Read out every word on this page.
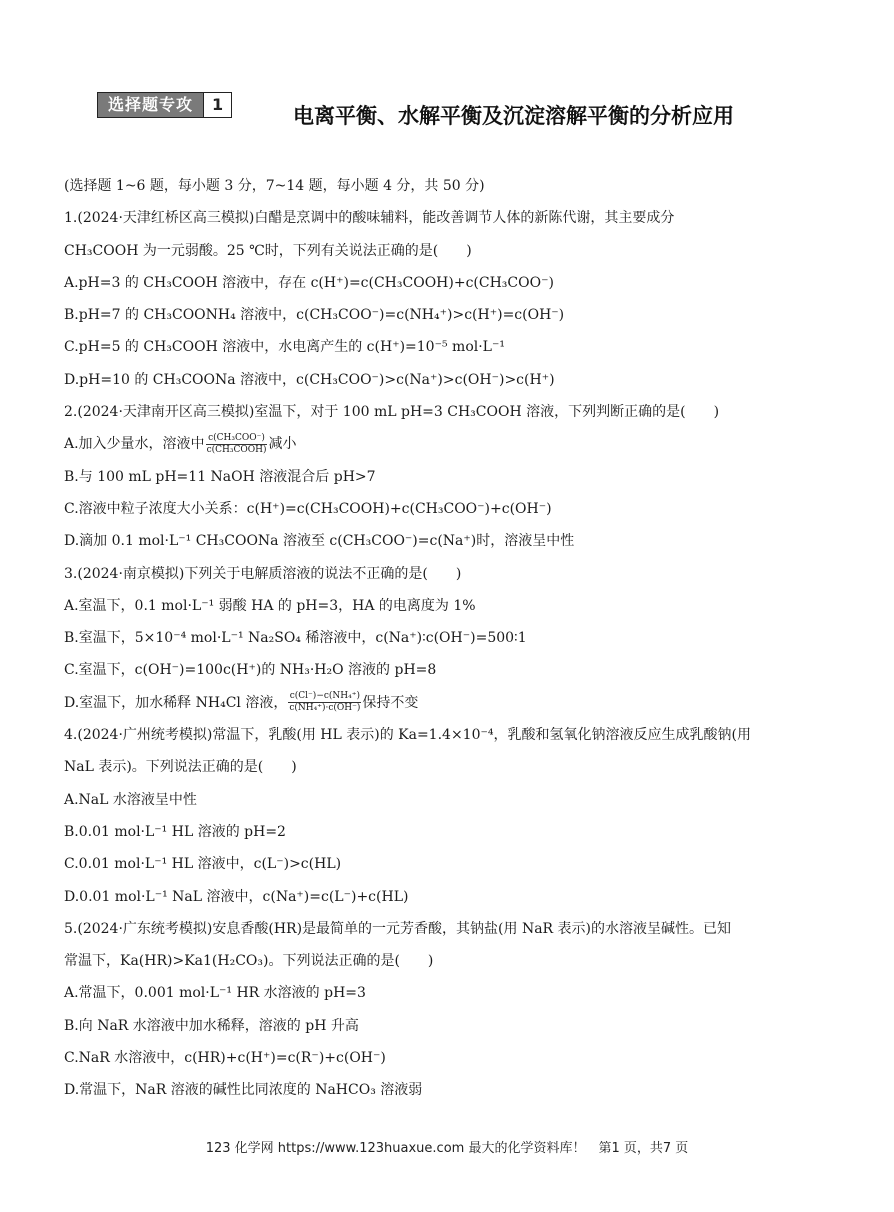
选择题专攻	1	电离平衡、水解平衡及沉淀溶解平衡的分析应用
(选择题 1~6 题，每小题 3 分，7~14 题，每小题 4 分，共 50 分)
1.(2024·天津红桥区高三模拟)白醋是烹调中的酸味辅料，能改善调节人体的新陈代谢，其主要成分
CH₃COOH 为一元弱酸。25 ℃时，下列有关说法正确的是(　　)
A.pH=3 的 CH₃COOH 溶液中，存在 c(H⁺)=c(CH₃COOH)+c(CH₃COO⁻)
B.pH=7 的 CH₃COONH₄ 溶液中，c(CH₃COO⁻)=c(NH₄⁺)>c(H⁺)=c(OH⁻)
C.pH=5 的 CH₃COOH 溶液中，水电离产生的 c(H⁺)=10⁻⁵ mol·L⁻¹
D.pH=10 的 CH₃COONa 溶液中，c(CH₃COO⁻)>c(Na⁺)>c(OH⁻)>c(H⁺)
2.(2024·天津南开区高三模拟)室温下，对于 100 mL pH=3 CH₃COOH 溶液，下列判断正确的是(　　)
A.加入少量水，溶液中 $\frac{\text{c(CH₃COO⁻)}}{\text{c(CH₃COOH)}}$ 减小
B.与 100 mL pH=11 NaOH 溶液混合后 pH>7
C.溶液中粒子浓度大小关系：c(H⁺)=c(CH₃COOH)+c(CH₃COO⁻)+c(OH⁻)
D.滴加 0.1 mol·L⁻¹ CH₃COONa 溶液至 c(CH₃COO⁻)=c(Na⁺)时，溶液呈中性
3.(2024·南京模拟)下列关于电解质溶液的说法不正确的是(　　)
A.室温下，0.1 mol·L⁻¹ 弱酸 HA 的 pH=3，HA 的电离度为 1%
B.室温下，5×10⁻⁴ mol·L⁻¹ Na₂SO₄ 稀溶液中，c(Na⁺)∶c(OH⁻)=500∶1
C.室温下，c(OH⁻)=100c(H⁺)的 NH₃·H₂O 溶液的 pH=8
D.室温下，加水稀释 NH₄Cl 溶液， $\frac{\text{c(Cl⁻)−c(NH₄⁺)}}{\text{c(NH₄⁺)·c(OH⁻)}}$ 保持不变
4.(2024·广州统考模拟)常温下，乳酸(用 HL 表示)的 Ka=1.4×10⁻⁴，乳酸和氢氧化钠溶液反应生成乳酸钠(用
NaL 表示)。下列说法正确的是(　　)
A.NaL 水溶液呈中性
B.0.01 mol·L⁻¹ HL 溶液的 pH=2
C.0.01 mol·L⁻¹ HL 溶液中，c(L⁻)>c(HL)
D.0.01 mol·L⁻¹ NaL 溶液中，c(Na⁺)=c(L⁻)+c(HL)
5.(2024·广东统考模拟)安息香酸(HR)是最简单的一元芳香酸，其钠盐(用 NaR 表示)的水溶液呈碱性。已知
常温下，Ka(HR)>Ka1(H₂CO₃)。下列说法正确的是(　　)
A.常温下，0.001 mol·L⁻¹ HR 水溶液的 pH=3
B.向 NaR 水溶液中加水稀释，溶液的 pH 升高
C.NaR 水溶液中，c(HR)+c(H⁺)=c(R⁻)+c(OH⁻)
D.常温下，NaR 溶液的碱性比同浓度的 NaHCO₃ 溶液弱
123 化学网 https://www.123huaxue.com 最大的化学资料库！　第1 页，共7 页
